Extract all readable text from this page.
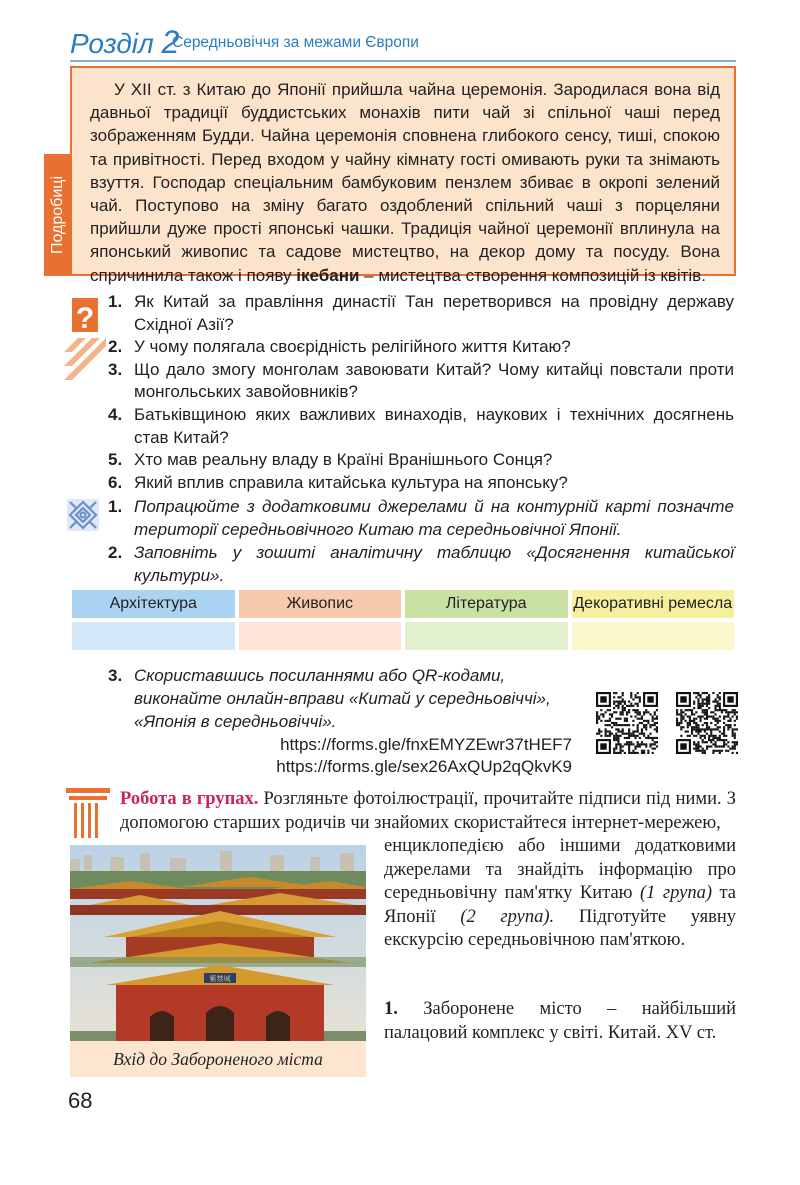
Розділ 2
Середньовіччя за межами Європи
Подробиці
У XII ст. з Китаю до Японії прийшла чайна церемонія. Зародилася вона від давньої традиції буддистських монахів пити чай зі спільної чаші перед зображенням Будди. Чайна церемонія сповнена глибокого сенсу, тиші, спокою та привітності. Перед входом у чайну кімнату гості омивають руки та знімають взуття. Господар спеціальним бамбуковим пензлем збиває в окропі зелений чай. Поступово на зміну багато оздоблений спільний чаші з порцеляни прийшли дуже прості японські чашки. Традиція чайної церемонії вплинула на японський живопис та садове мистецтво, на декор дому та посуду. Вона спричинила також і появу ікебани – мистецтва створення композицій із квітів.
?
1. Як Китай за правління династії Тан перетворився на провідну державу Східної Азії?
2. У чому полягала своєрідність релігійного життя Китаю?
3. Що дало змогу монголам завоювати Китай? Чому китайці повстали проти монгольських завойовників?
4. Батьківщиною яких важливих винаходів, наукових і технічних досягнень став Китай?
5. Хто мав реальну владу в Країні Вранішнього Сонця?
6. Який вплив справила китайська культура на японську?
1. Попрацюйте з додатковими джерелами й на контурній карті позначте території середньовічного Китаю та середньовічної Японії.
2. Заповніть у зошиті аналітичну таблицю «Досягнення китайської культури».
Архітектура	Живопис	Література	Декоративні ремесла
3. Скориставшись посиланнями або QR-кодами, виконайте онлайн-вправи «Китай у середньовіччі», «Японія в середньовіччі».
https://forms.gle/fnxEMYZEwr37tHEF7
https://forms.gle/sex26AxQUp2qQkvK9
Робота в групах. Розгляньте фотоілюстрації, прочитайте підписи під ними. З допомогою старших родичів чи знайомих скористайтеся інтернет-мережею,
енциклопедією або іншими додатковими джерелами та знайдіть інформацію про середньовічну пам'ятку Китаю (1 група) та Японії (2 група). Підготуйте уявну екскурсію середньовічною пам'яткою.
1. Заборонене місто – найбільший палацовий комплекс у світі. Китай. XV ст.
紫禁城
Вхід до Забороненого міста
68
